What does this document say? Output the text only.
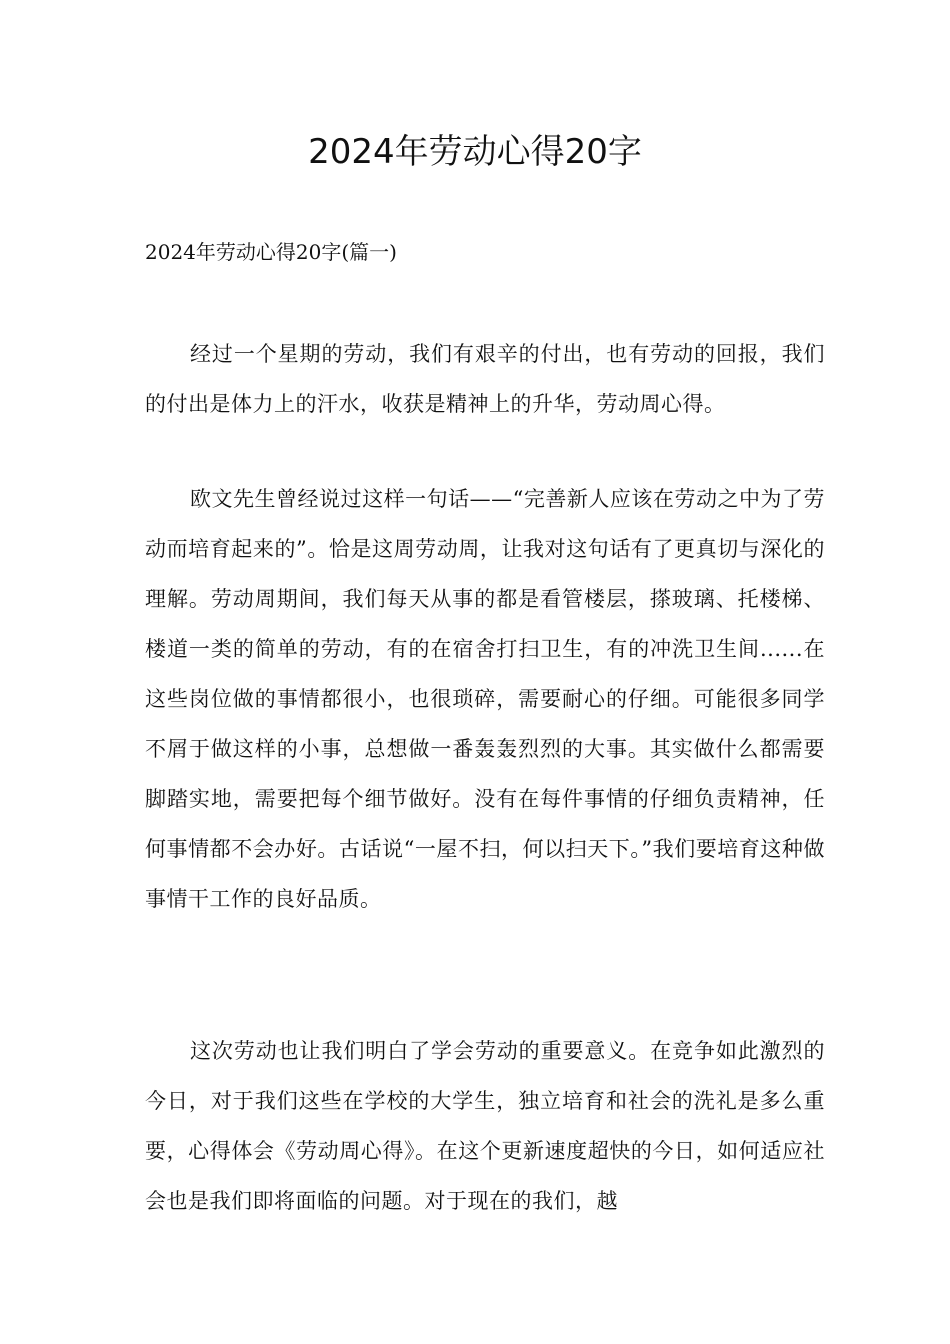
2024年劳动心得20字

2024年劳动心得20字(篇一)

经过一个星期的劳动，我们有艰辛的付出，也有劳动的回报，我们的付出是体力上的汗水，收获是精神上的升华，劳动周心得。

欧文先生曾经说过这样一句话——“完善新人应该在劳动之中为了劳动而培育起来的”。恰是这周劳动周，让我对这句话有了更真切与深化的理解。劳动周期间，我们每天从事的都是看管楼层，搽玻璃、托楼梯、楼道一类的简单的劳动，有的在宿舍打扫卫生，有的冲洗卫生间......在这些岗位做的事情都很小，也很琐碎，需要耐心的仔细。可能很多同学不屑于做这样的小事，总想做一番轰轰烈烈的大事。其实做什么都需要脚踏实地，需要把每个细节做好。没有在每件事情的仔细负责精神，任何事情都不会办好。古话说“一屋不扫，何以扫天下。”我们要培育这种做事情干工作的良好品质。

这次劳动也让我们明白了学会劳动的重要意义。在竞争如此激烈的今日，对于我们这些在学校的大学生，独立培育和社会的洗礼是多么重要，心得体会《劳动周心得》。在这个更新速度超快的今日，如何适应社会也是我们即将面临的问题。对于现在的我们，越
